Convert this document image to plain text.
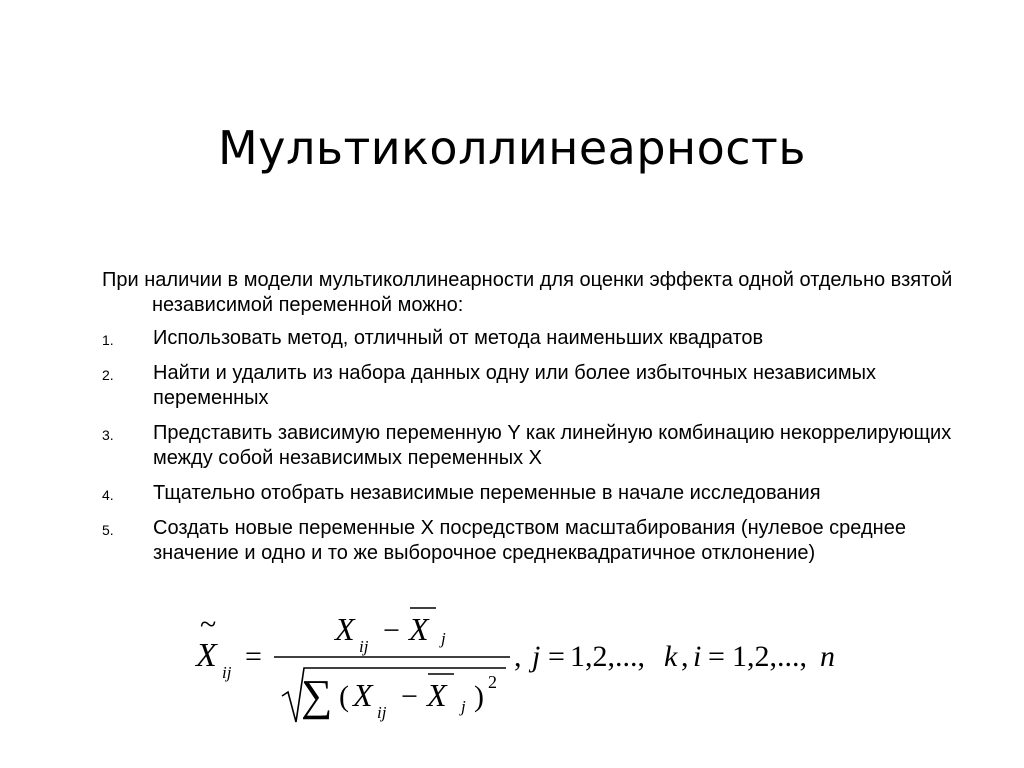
Мультиколлинеарность

При наличии в модели мультиколлинеарности для оценки эффекта одной отдельно взятой независимой переменной можно:

1. Использовать метод, отличный от метода наименьших квадратов
2. Найти и удалить из набора данных одну или более избыточных независимых переменных
3. Представить зависимую переменную Y как линейную комбинацию некоррелирующих между собой независимых переменных X
4. Тщательно отобрать независимые переменные в начале исследования
5. Создать новые переменные X посредством масштабирования (нулевое среднее значение и одно и то же выборочное среднеквадратичное отклонение)
~
X ij =
X ij − X j
∑ ( X ij − X j ) 2
, j = 1,2,..., k , i = 1,2,..., n
